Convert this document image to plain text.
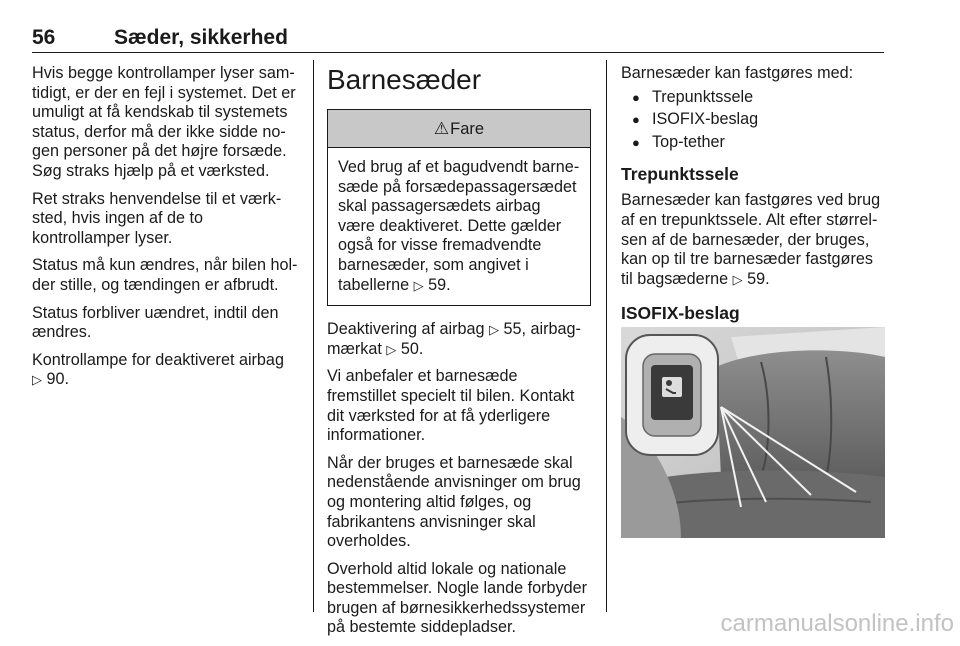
56	Sæder, sikkerhed

Hvis begge kontrollamper lyser samtidigt, er der en fejl i systemet. Det er umuligt at få kendskab til systemets status, derfor må der ikke sidde nogen personer på det højre forsæde. Søg straks hjælp på et værksted.

Ret straks henvendelse til et værksted, hvis ingen af de to kontrollamper lyser.

Status må kun ændres, når bilen holder stille, og tændingen er afbrudt.

Status forbliver uændret, indtil den ændres.

Kontrollampe for deaktiveret airbag
▷ 90.

Barnesæder
⚠Fare
Ved brug af et bagudvendt barnesæde på forsædepassagersædet skal passagersædets airbag være deaktiveret. Dette gælder også for visse fremadvendte barnesæder, som angivet i tabellerne ▷ 59.

Deaktivering af airbag ▷ 55, airbagmærkat ▷ 50.

Vi anbefaler et barnesæde fremstillet specielt til bilen. Kontakt dit værksted for at få yderligere informationer.

Når der bruges et barnesæde skal nedenstående anvisninger om brug og montering altid følges, og fabrikantens anvisninger skal overholdes.

Overhold altid lokale og nationale bestemmelser. Nogle lande forbyder brugen af børnesikkerhedssystemer på bestemte siddepladser.

Barnesæder kan fastgøres med:

● Trepunktssele
● ISOFIX-beslag
● Top-tether
Trepunktssele

Barnesæder kan fastgøres ved brug af en trepunktssele. Alt efter størrelsen af de barnesæder, der bruges, kan op til tre barnesæder fastgøres til bagsæderne ▷ 59.

ISOFIX-beslag
carmanualsonline.info
